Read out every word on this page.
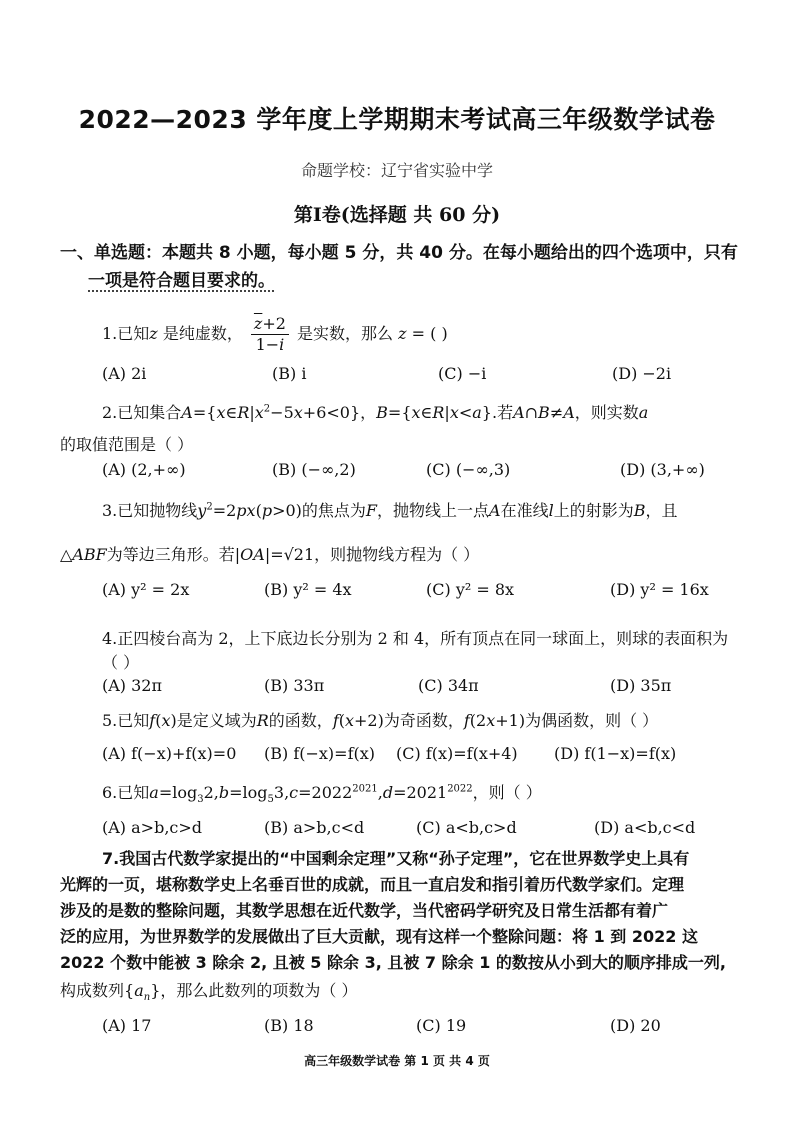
2022—2023 学年度上学期期末考试高三年级数学试卷
命题学校：辽宁省实验中学
第Ⅰ卷(选择题 共 60 分)
一、单选题：本题共 8 小题，每小题 5 分，共 40 分。在每小题给出的四个选项中，只有
一项是符合题目要求的。
1.已知z 是纯虚数， $\frac{\overline{z}+2}{1-i}$ 是实数，那么 z = ( )
(A) 2i	(B) i	(C) −i	(D) −2i
2.已知集合$A=\{x\in R|x^2-5x+6<0\}$，B={x∈R|x<a}.若A∩B≠A，则实数a
的取值范围是（ ）
(A) (2,+∞)	(B) (−∞,2)	(C) (−∞,3)	(D) (3,+∞)
3.已知抛物线$y^2=2px(p>0)$的焦点为F，抛物线上一点A在准线l上的射影为B，且
△ABF为等边三角形。若|OA|=√21，则抛物线方程为（ ）
(A) y² = 2x	(B) y² = 4x	(C) y² = 8x	(D) y² = 16x
4.正四棱台高为 2，上下底边长分别为 2 和 4，所有顶点在同一球面上，则球的表面积为
（ ）
(A) 32π	(B) 33π	(C) 34π	(D) 35π
5.已知f(x)是定义域为R的函数，f(x+2)为奇函数，f(2x+1)为偶函数，则（ ）
(A) f(−x)+f(x)=0 (B) f(−x)=f(x) (C) f(x)=f(x+4) (D) f(1−x)=f(x)
6.已知$a=\log_32,b=\log_53,c=2022^{2021},d=2021^{2022}$，则（ ）
(A) a>b,c>d	(B) a>b,c<d	(C) a<b,c>d	(D) a<b,c<d
7.我国古代数学家提出的“中国剩余定理”又称“孙子定理”，它在世界数学史上具有
光辉的一页，堪称数学史上名垂百世的成就，而且一直启发和指引着历代数学家们。定理
涉及的是数的整除问题，其数学思想在近代数学，当代密码学研究及日常生活都有着广
泛的应用，为世界数学的发展做出了巨大贡献，现有这样一个整除问题：将 1 到 2022 这
2022 个数中能被 3 除余 2, 且被 5 除余 3, 且被 7 除余 1 的数按从小到大的顺序排成一列,
构成数列$\{a_n\}$，那么此数列的项数为（ ）
(A) 17	(B) 18	(C) 19	(D) 20
高三年级数学试卷 第 1 页 共 4 页
